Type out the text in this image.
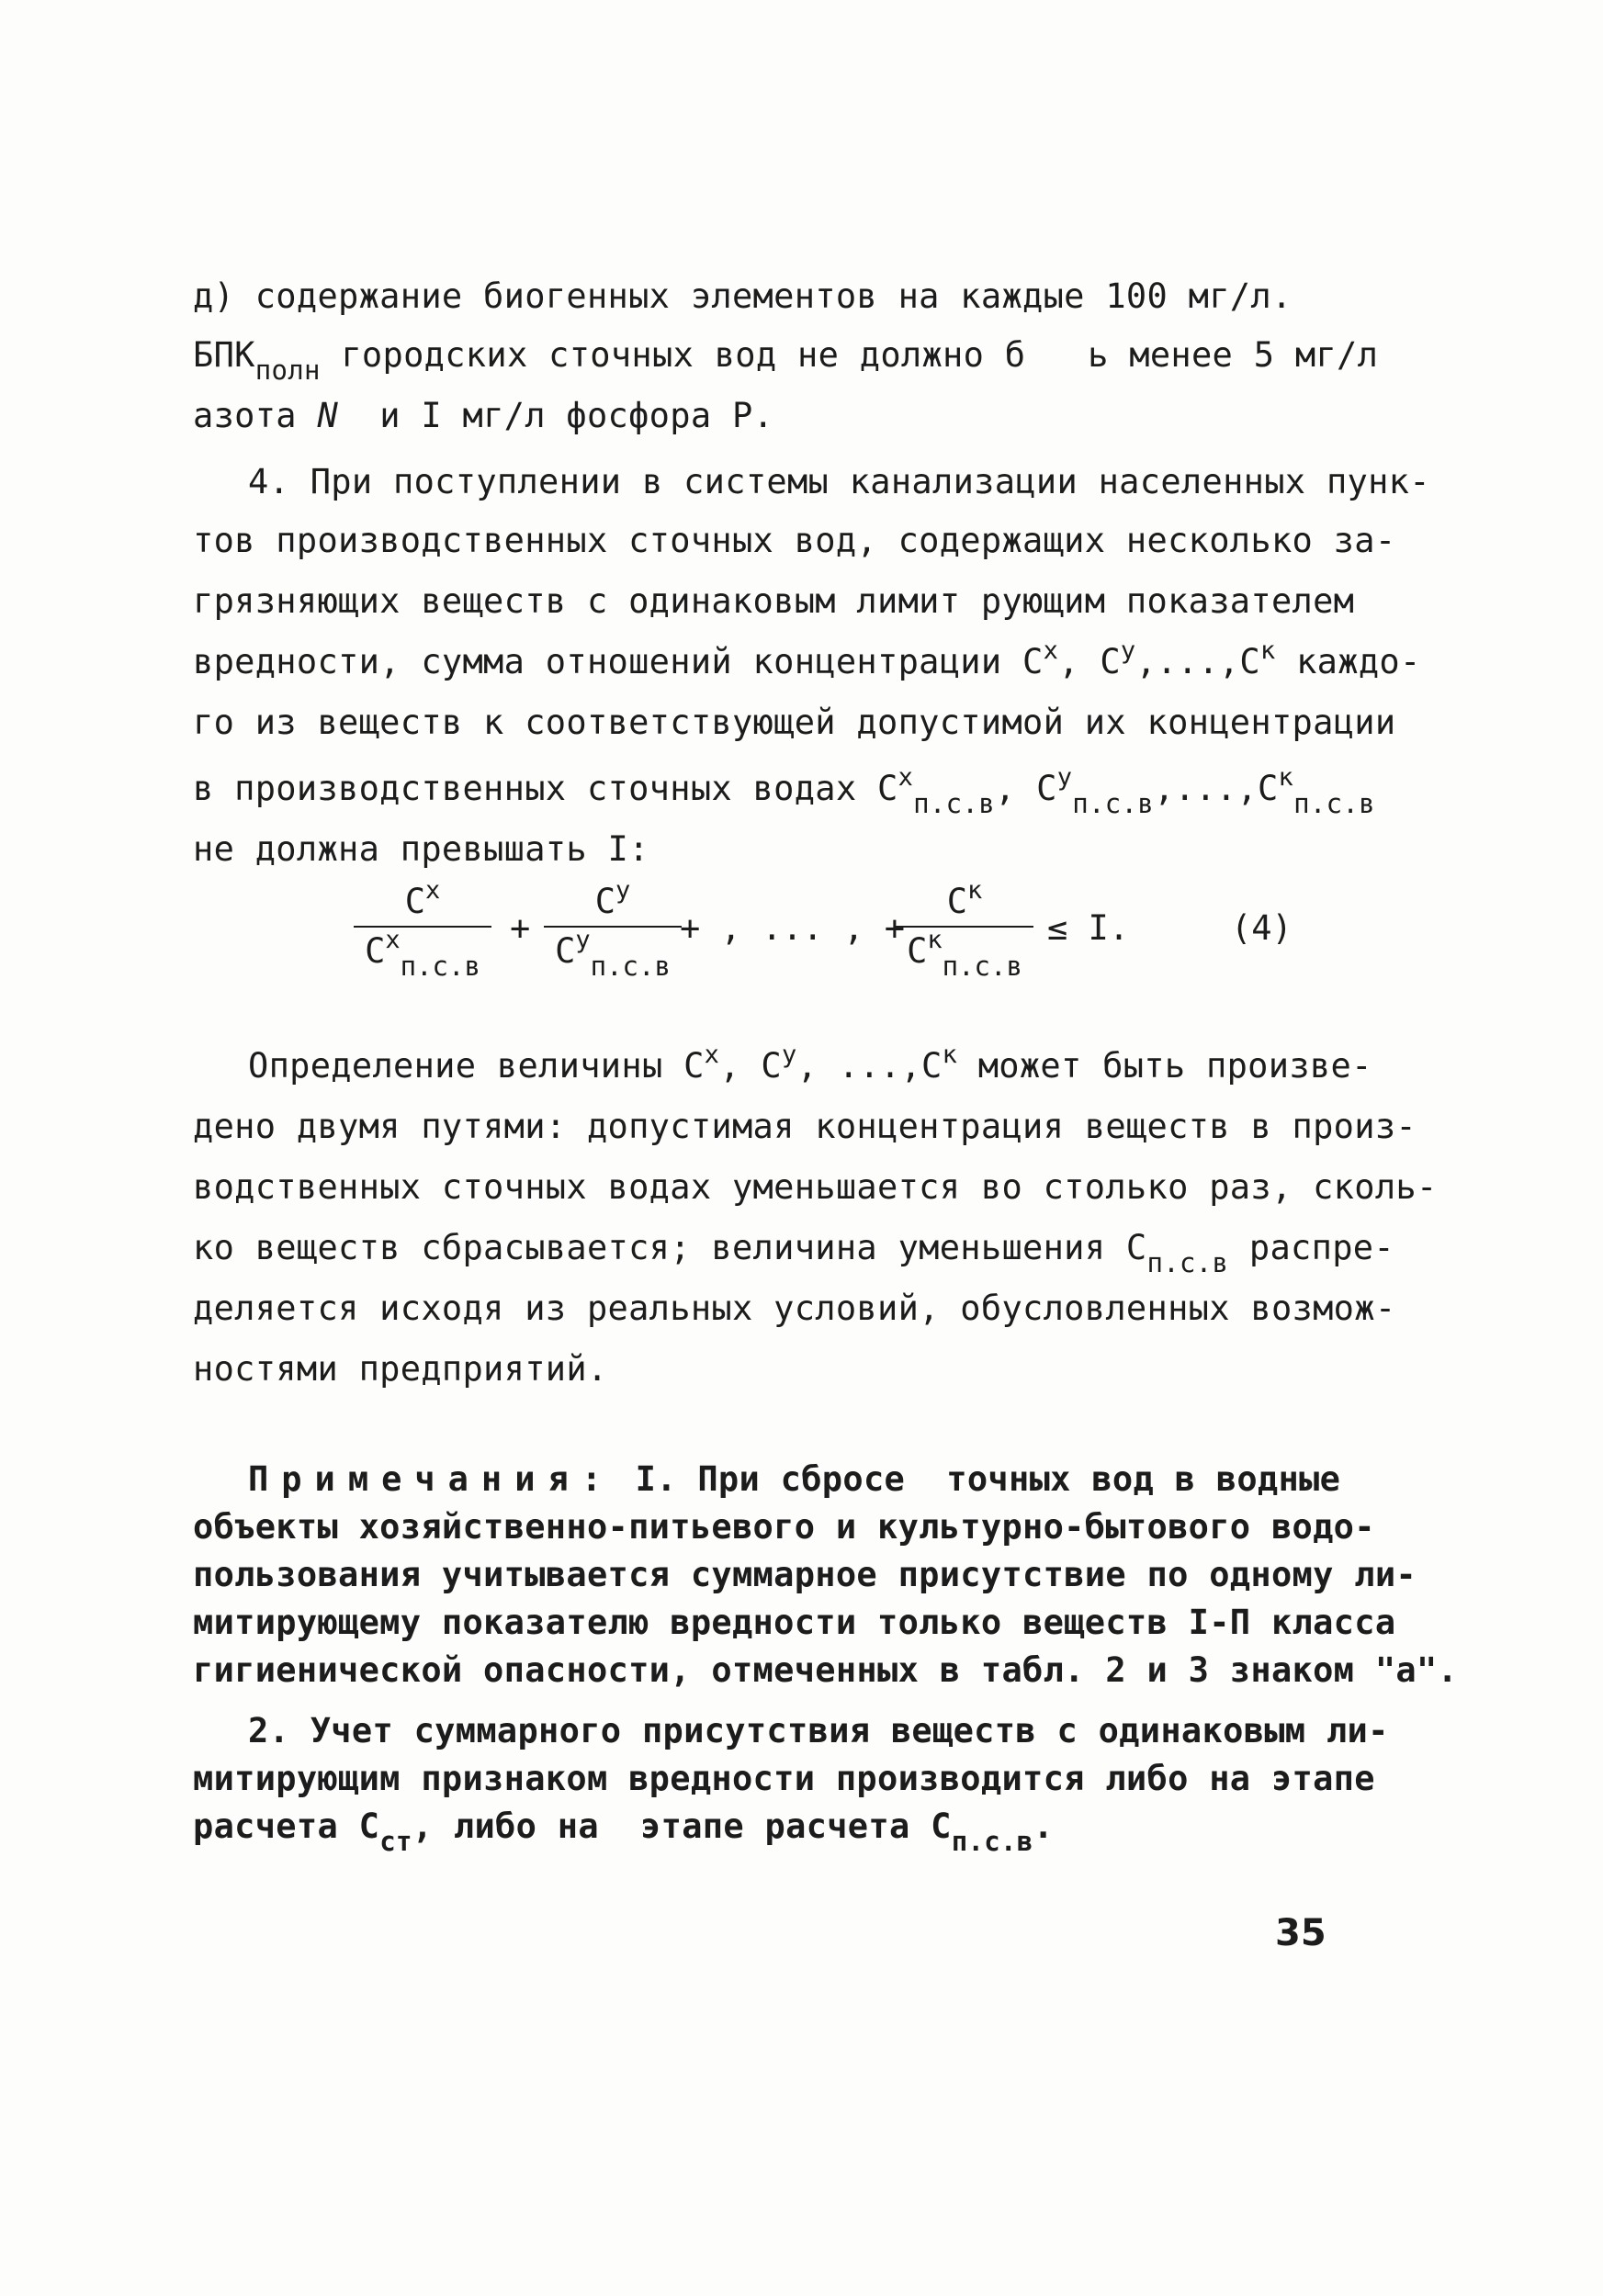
д) содержание биогенных элементов на каждые 100 мг/л.
$БПК_{полн}$ городских сточных вод не должно б   ь менее 5 мг/л
азота N  и I мг/л фосфора Р.
4. При поступлении в системы канализации населенных пунк-
тов производственных сточных вод, содержащих несколько за-
грязняющих веществ с одинаковым лимит рующим показателем
вредности, сумма отношений концентрации $С^х$, $С^у,...,С^к$ каждо-
го из веществ к соответствующей допустимой их концентрации
в производственных сточных водах $С^х_{п.с.в}$, $С^у_{п.с.в},...,С^к_{п.с.в}$
не должна превышать I:
$С^х$
$С^х_{п.с.в}$
+
$С^у$
$С^у_{п.с.в}$
+ , ... , +
$С^к$
$С^к_{п.с.в}$
≤ I.	(4)
Определение величины $С^х$, $С^у$, $...,С^к$ может быть произве-
дено двумя путями: допустимая концентрация веществ в произ-
водственных сточных водах уменьшается во столько раз, сколь-
ко веществ сбрасывается; величина уменьшения $С_{п.с.в}$ распре-
деляется исходя из реальных условий, обусловленных возмож-
ностями предприятий.
Примечания: I. При сбросе  точных вод в водные
объекты хозяйственно-питьевого и культурно-бытового водо-
пользования учитывается суммарное присутствие по одному ли-
митирующему показателю вредности только веществ I-П класса
гигиенической опасности, отмеченных в табл. 2 и 3 знаком "а".
2. Учет суммарного присутствия веществ с одинаковым ли-
митирующим признаком вредности производится либо на этапе
расчета $С_{ст}$, либо на  этапе расчета $С_{п.с.в}$.
35
